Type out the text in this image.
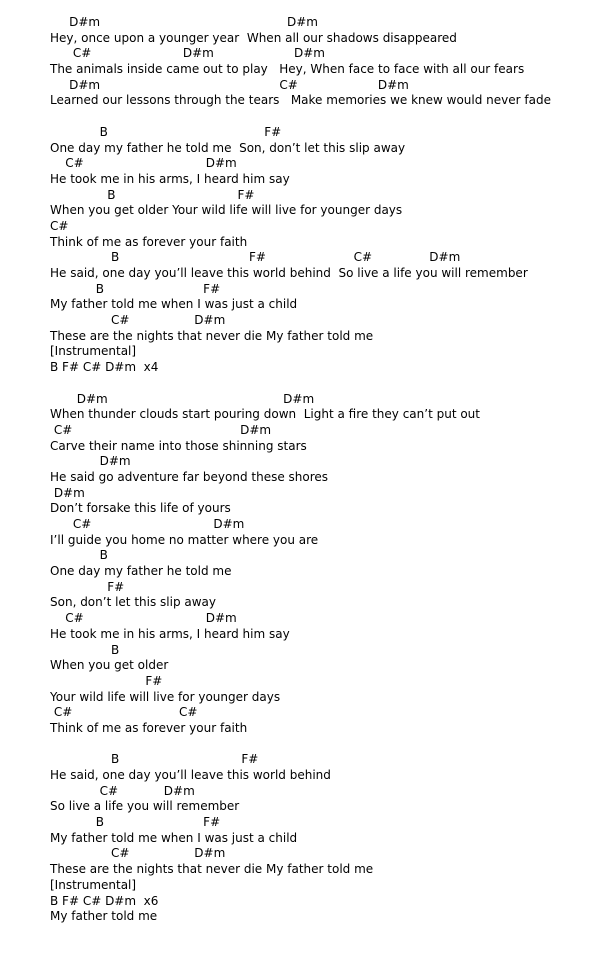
D#m                                                 D#m
Hey, once upon a younger year  When all our shadows disappeared
C#                        D#m                     D#m
The animals inside came out to play   Hey, When face to face with all our fears
D#m                                               C#                     D#m
Learned our lessons through the tears   Make memories we knew would never fade
B                                         F#
One day my father he told me  Son, don’t let this slip away
C#                                D#m
He took me in his arms, I heard him say
B                                F#
When you get older Your wild life will live for younger days
C#
Think of me as forever your faith
B                                  F#                       C#               D#m
He said, one day you’ll leave this world behind  So live a life you will remember
B                          F#
My father told me when I was just a child
C#                 D#m
These are the nights that never die My father told me
[Instrumental]
B F# C# D#m  x4
D#m                                              D#m
When thunder clouds start pouring down  Light a fire they can’t put out
C#                                            D#m
Carve their name into those shinning stars
D#m
He said go adventure far beyond these shores
D#m
Don’t forsake this life of yours
C#                                D#m
I’ll guide you home no matter where you are
B
One day my father he told me
F#
Son, don’t let this slip away
C#                                D#m
He took me in his arms, I heard him say
B
When you get older
F#
Your wild life will live for younger days
C#                            C#
Think of me as forever your faith
B                                F#
He said, one day you’ll leave this world behind
C#            D#m
So live a life you will remember
B                          F#
My father told me when I was just a child
C#                 D#m
These are the nights that never die My father told me
[Instrumental]
B F# C# D#m  x6
My father told me
